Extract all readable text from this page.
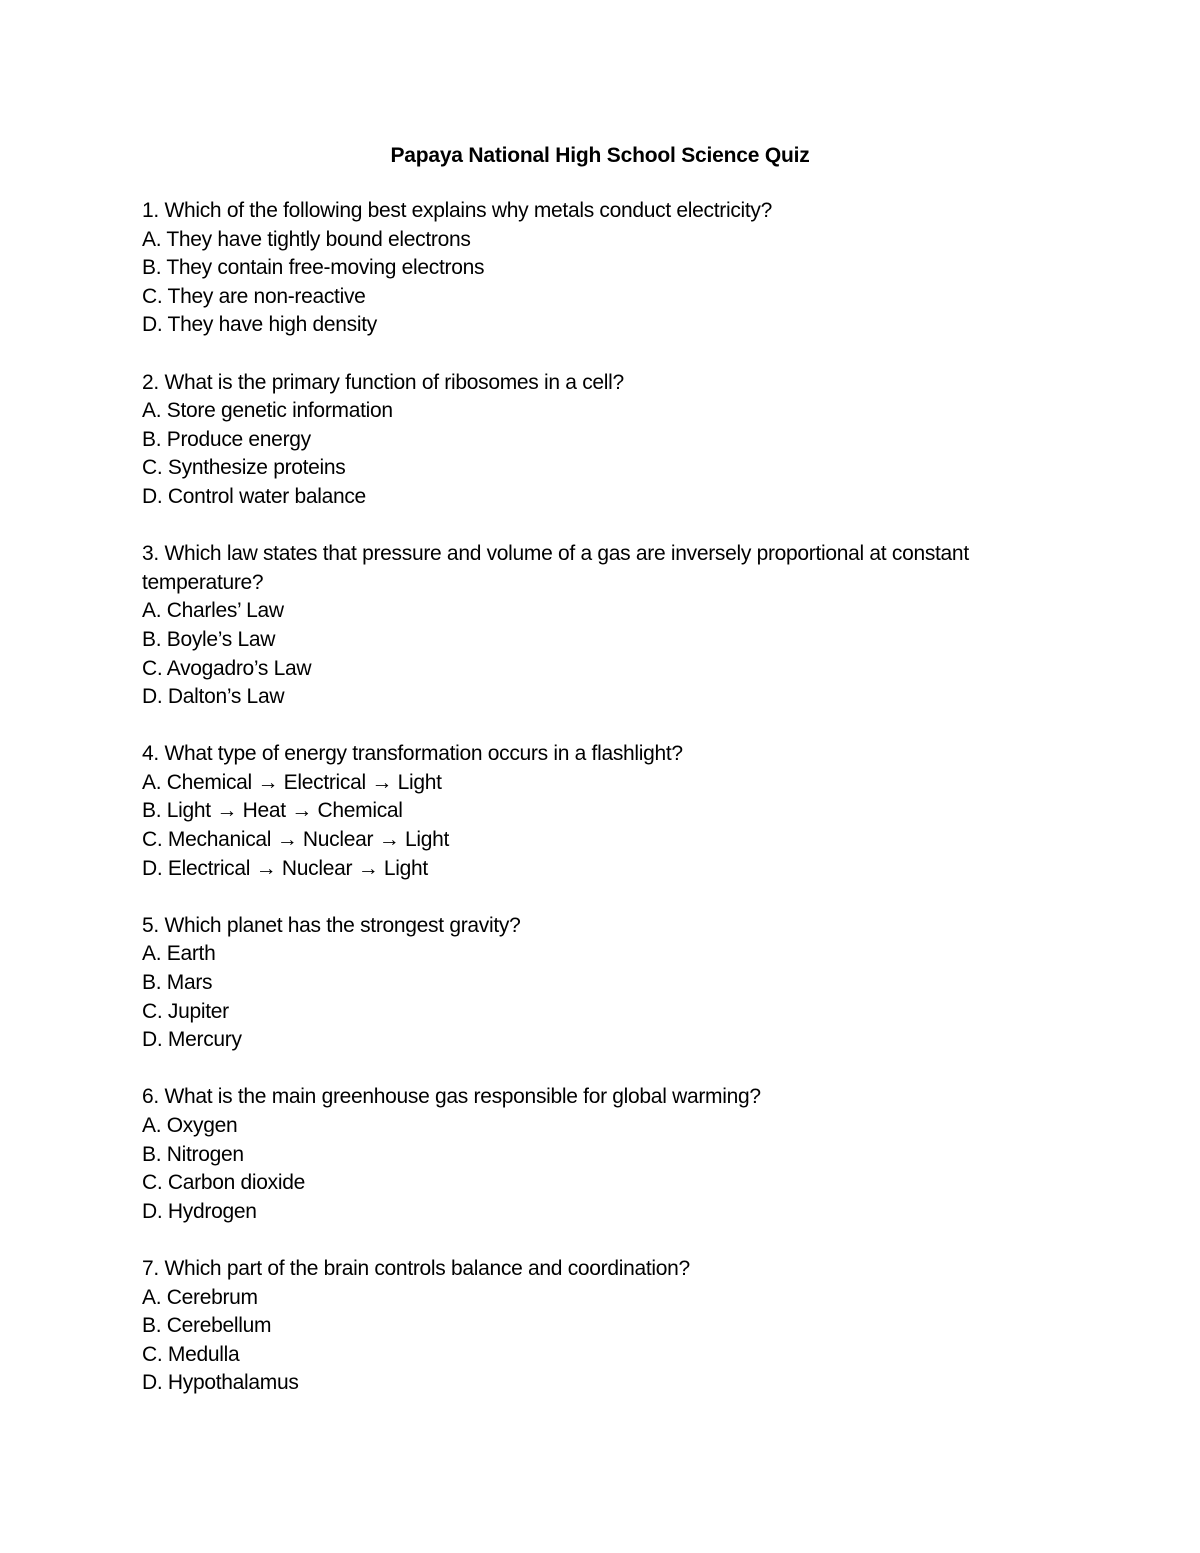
Papaya National High School Science Quiz
1. Which of the following best explains why metals conduct electricity?
A. They have tightly bound electrons
B. They contain free-moving electrons
C. They are non-reactive
D. They have high density
2. What is the primary function of ribosomes in a cell?
A. Store genetic information
B. Produce energy
C. Synthesize proteins
D. Control water balance
3. Which law states that pressure and volume of a gas are inversely proportional at constant temperature?
A. Charles’ Law
B. Boyle’s Law
C. Avogadro’s Law
D. Dalton’s Law
4. What type of energy transformation occurs in a flashlight?
A. Chemical → Electrical → Light
B. Light → Heat → Chemical
C. Mechanical → Nuclear → Light
D. Electrical → Nuclear → Light
5. Which planet has the strongest gravity?
A. Earth
B. Mars
C. Jupiter
D. Mercury
6. What is the main greenhouse gas responsible for global warming?
A. Oxygen
B. Nitrogen
C. Carbon dioxide
D. Hydrogen
7. Which part of the brain controls balance and coordination?
A. Cerebrum
B. Cerebellum
C. Medulla
D. Hypothalamus
